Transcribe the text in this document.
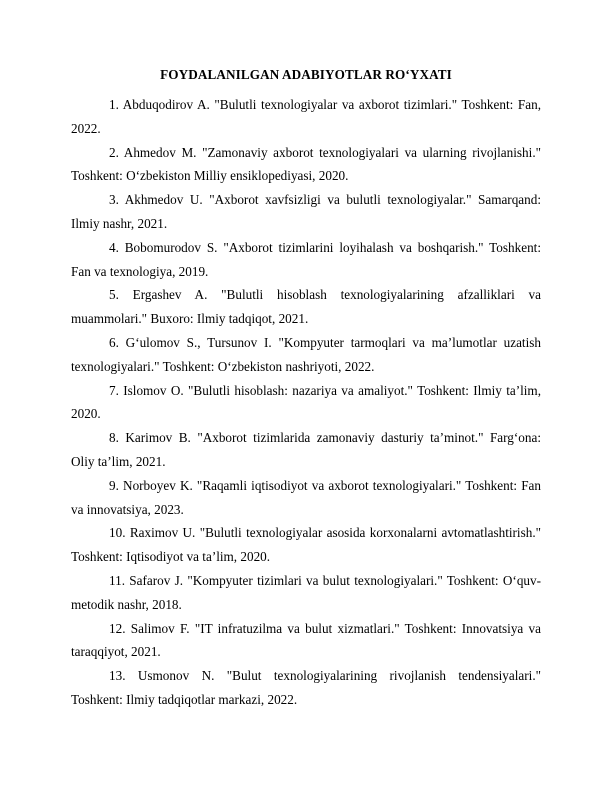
FOYDALANILGAN ADABIYOTLAR RO‘YXATI

1. Abduqodirov A. "Bulutli texnologiyalar va axborot tizimlari." Toshkent: Fan, 2022.

2. Ahmedov M. "Zamonaviy axborot texnologiyalari va ularning rivojlanishi." Toshkent: O‘zbekiston Milliy ensiklopediyasi, 2020.

3. Akhmedov U. "Axborot xavfsizligi va bulutli texnologiyalar." Samarqand: Ilmiy nashr, 2021.

4. Bobomurodov S. "Axborot tizimlarini loyihalash va boshqarish." Toshkent: Fan va texnologiya, 2019.

5. Ergashev A. "Bulutli hisoblash texnologiyalarining afzalliklari va muammolari." Buxoro: Ilmiy tadqiqot, 2021.

6. G‘ulomov S., Tursunov I. "Kompyuter tarmoqlari va ma’lumotlar uzatish texnologiyalari." Toshkent: O‘zbekiston nashriyoti, 2022.

7. Islomov O. "Bulutli hisoblash: nazariya va amaliyot." Toshkent: Ilmiy ta’lim, 2020.

8. Karimov B. "Axborot tizimlarida zamonaviy dasturiy ta’minot." Farg‘ona: Oliy ta’lim, 2021.

9. Norboyev K. "Raqamli iqtisodiyot va axborot texnologiyalari." Toshkent: Fan va innovatsiya, 2023.

10. Raximov U. "Bulutli texnologiyalar asosida korxonalarni avtomatlashtirish." Toshkent: Iqtisodiyot va ta’lim, 2020.

11. Safarov J. "Kompyuter tizimlari va bulut texnologiyalari." Toshkent: O‘quv-metodik nashr, 2018.

12. Salimov F. "IT infratuzilma va bulut xizmatlari." Toshkent: Innovatsiya va taraqqiyot, 2021.

13. Usmonov N. "Bulut texnologiyalarining rivojlanish tendensiyalari." Toshkent: Ilmiy tadqiqotlar markazi, 2022.
